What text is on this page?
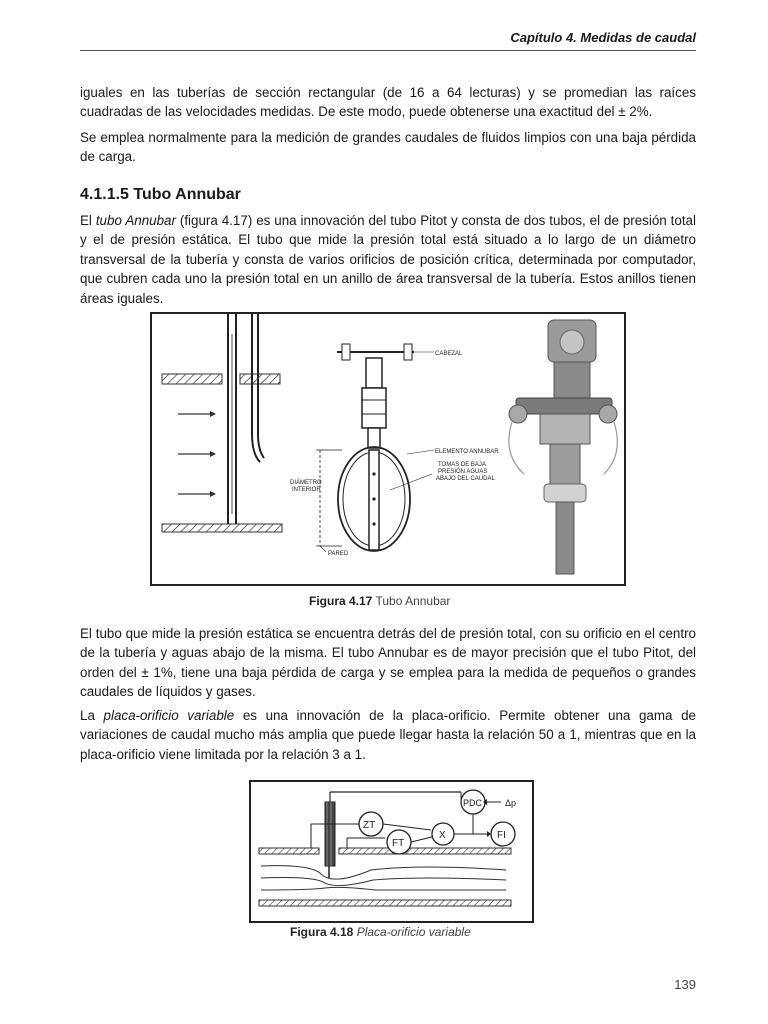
Capítulo 4. Medidas de caudal

iguales en las tuberías de sección rectangular (de 16 a 64 lecturas) y se promedian las raíces cuadradas de las velocidades medidas. De este modo, puede obtenerse una exactitud del ± 2%.

Se emplea normalmente para la medición de grandes caudales de fluidos limpios con una baja pérdida de carga.

4.1.1.5 Tubo Annubar

El tubo Annubar (figura 4.17) es una innovación del tubo Pitot y consta de dos tubos, el de presión total y el de presión estática. El tubo que mide la presión total está situado a lo largo de un diámetro transversal de la tubería y consta de varios orificios de posición crítica, determinada por computador, que cubren cada uno la presión total en un anillo de área transversal de la tubería. Estos anillos tienen áreas iguales.

CABEZAL
ELEMENTO ANNUBAR
DIÁMETRO
INTERIOR
TOMAS DE BAJA
PRESIÓN AGUAS
ABAJO DEL CAUDAL
PARED
Figura 4.17 Tubo Annubar

El tubo que mide la presión estática se encuentra detrás del de presión total, con su orificio en el centro de la tubería y aguas abajo de la misma. El tubo Annubar es de mayor precisión que el tubo Pitot, del orden del ± 1%, tiene una baja pérdida de carga y se emplea para la medida de pequeños o grandes caudales de líquidos y gases.

La placa-orificio variable es una innovación de la placa-orificio. Permite obtener una gama de variaciones de caudal mucho más amplia que puede llegar hasta la relación 50 a 1, mientras que en la placa-orificio viene limitada por la relación 3 a 1.

ZT
FT
X
PDC
FI
Δp
Figura 4.18 Placa-orificio variable
139
